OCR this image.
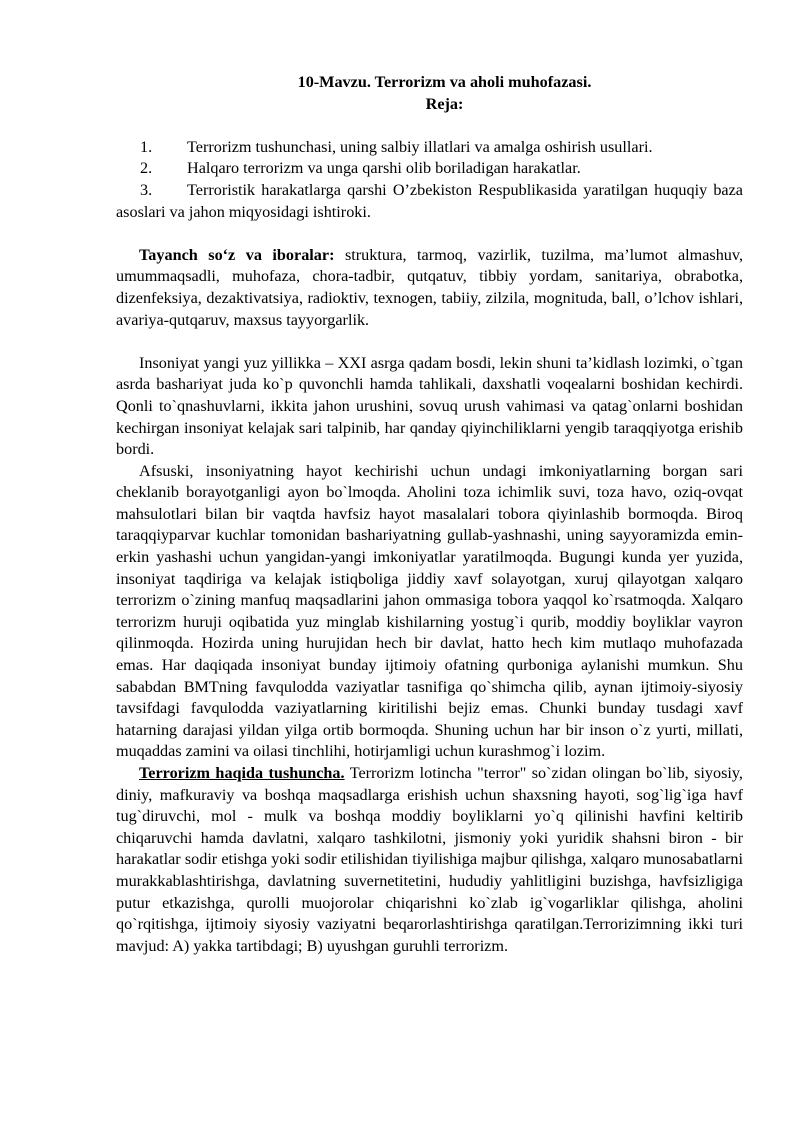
10-Mavzu. Terrorizm va aholi muhofazasi.
Reja:
1. Terrorizm tushunchasi, uning salbiy illatlari va amalga oshirish usullari.
2. Halqaro terrorizm va unga qarshi olib boriladigan harakatlar.
3. Terroristik harakatlarga qarshi O’zbekiston Respublikasida yaratilgan huquqiy baza asoslari va jahon miqyosidagi ishtiroki.

Tayanch so‘z va iboralar: struktura, tarmoq, vazirlik, tuzilma, ma’lumot almashuv, umummaqsadli, muhofaza, chora-tadbir, qutqatuv, tibbiy yordam, sanitariya, obrabotka, dizenfeksiya, dezaktivatsiya, radioktiv, texnogen, tabiiy, zilzila, mognituda, ball, o’lchov ishlari, avariya-qutqaruv, maxsus tayyorgarlik.

Insoniyat yangi yuz yillikka – XXI asrga qadam bosdi, lekin shuni ta’kidlash lozimki, o`tgan asrda bashariyat juda ko`p quvonchli hamda tahlikali, daxshatli voqealarni boshidan kechirdi. Qonli to`qnashuvlarni, ikkita jahon urushini, sovuq urush vahimasi va qatag`onlarni boshidan kechirgan insoniyat kelajak sari talpinib, har qanday qiyinchiliklarni yengib taraqqiyotga erishib bordi.

Afsuski, insoniyatning hayot kechirishi uchun undagi imkoniyatlarning borgan sari cheklanib borayotganligi ayon bo`lmoqda. Aholini toza ichimlik suvi, toza havo, oziq-ovqat mahsulotlari bilan bir vaqtda havfsiz hayot masalalari tobora qiyinlashib bormoqda. Biroq taraqqiyparvar kuchlar tomonidan bashariyatning gullab-yashnashi, uning sayyoramizda emin-erkin yashashi uchun yangidan-yangi imkoniyatlar yaratilmoqda. Bugungi kunda yer yuzida, insoniyat taqdiriga va kelajak istiqboliga jiddiy xavf solayotgan, xuruj qilayotgan xalqaro terrorizm o`zining manfuq maqsadlarini jahon ommasiga tobora yaqqol ko`rsatmoqda. Xalqaro terrorizm huruji oqibatida yuz minglab kishilarning yostug`i qurib, moddiy boyliklar vayron qilinmoqda. Hozirda uning hurujidan hech bir davlat, hatto hech kim mutlaqo muhofazada emas. Har daqiqada insoniyat bunday ijtimoiy ofatning qurboniga aylanishi mumkun. Shu sababdan BMTning favqulodda vaziyatlar tasnifiga qo`shimcha qilib, aynan ijtimoiy-siyosiy tavsifdagi favqulodda vaziyatlarning kiritilishi bejiz emas. Chunki bunday tusdagi xavf hatarning darajasi yildan yilga ortib bormoqda. Shuning uchun har bir inson o`z yurti, millati, muqaddas zamini va oilasi tinchlihi, hotirjamligi uchun kurashmog`i lozim.

Terrorizm haqida tushuncha. Terrorizm lotincha "terror" so`zidan olingan bo`lib, siyosiy, diniy, mafkuraviy va boshqa maqsadlarga erishish uchun shaxsning hayoti, sog`lig`iga havf tug`diruvchi, mol - mulk va boshqa moddiy boyliklarni yo`q qilinishi havfini keltirib chiqaruvchi hamda davlatni, xalqaro tashkilotni, jismoniy yoki yuridik shahsni biron - bir harakatlar sodir etishga yoki sodir etilishidan tiyilishiga majbur qilishga, xalqaro munosabatlarni murakkablashtirishga, davlatning suvernetitetini, hududiy yahlitligini buzishga, havfsizligiga putur etkazishga, qurolli muojorolar chiqarishni ko`zlab ig`vogarliklar qilishga, aholini qo`rqitishga, ijtimoiy siyosiy vaziyatni beqarorlashtirishga qaratilgan.Terrorizimning ikki turi mavjud: A) yakka tartibdagi; B) uyushgan guruhli terrorizm.
